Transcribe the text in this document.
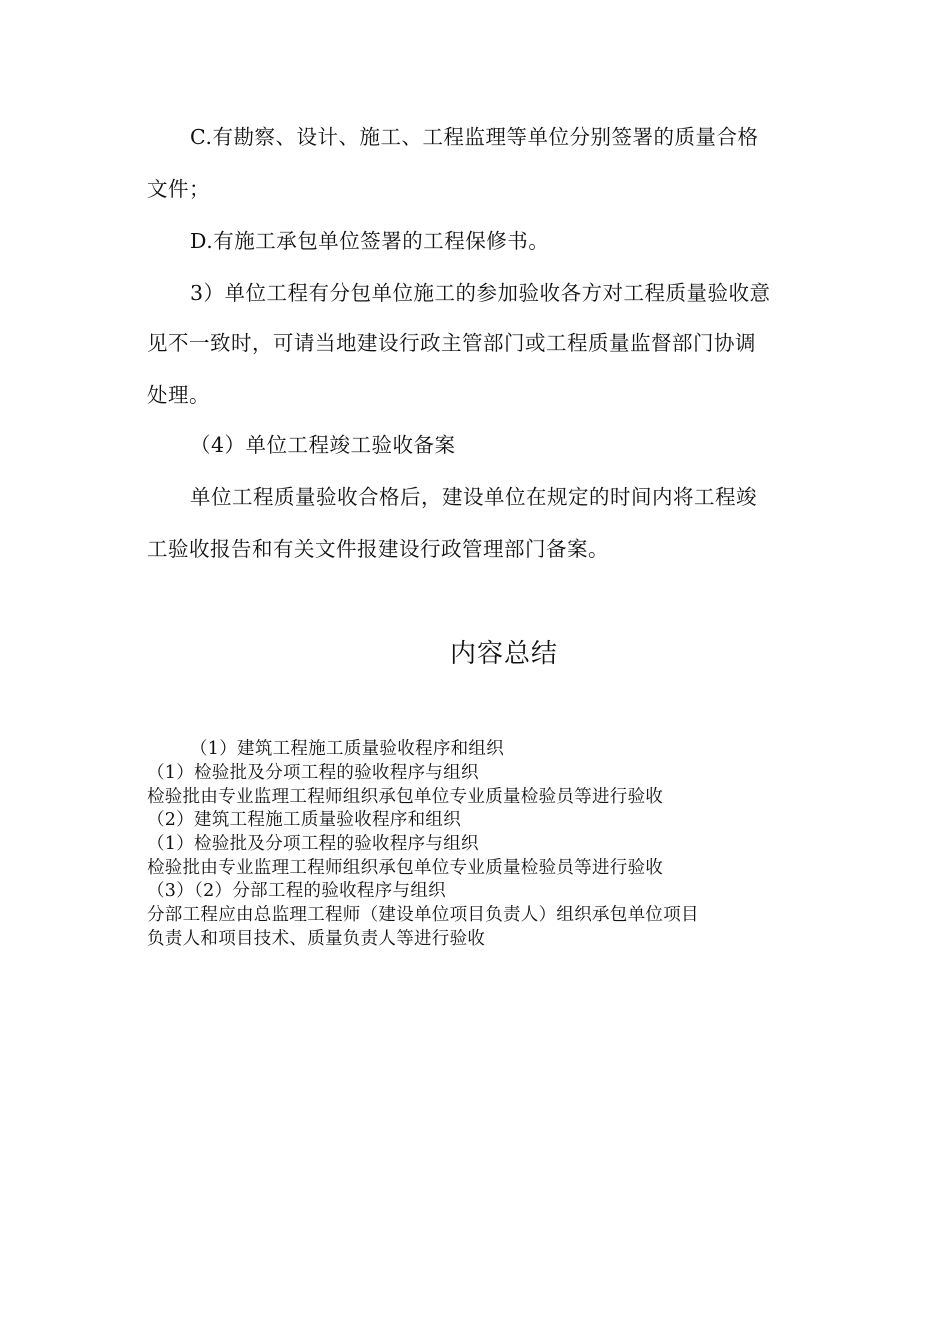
C.有勘察、设计、施工、工程监理等单位分别签署的质量合格
文件；
D.有施工承包单位签署的工程保修书。
3）单位工程有分包单位施工的参加验收各方对工程质量验收意
见不一致时，可请当地建设行政主管部门或工程质量监督部门协调
处理。
（4）单位工程竣工验收备案
单位工程质量验收合格后，建设单位在规定的时间内将工程竣
工验收报告和有关文件报建设行政管理部门备案。
内容总结
（1）建筑工程施工质量验收程序和组织
（1）检验批及分项工程的验收程序与组织
检验批由专业监理工程师组织承包单位专业质量检验员等进行验收
（2）建筑工程施工质量验收程序和组织
（1）检验批及分项工程的验收程序与组织
检验批由专业监理工程师组织承包单位专业质量检验员等进行验收
（3）（2）分部工程的验收程序与组织
分部工程应由总监理工程师（建设单位项目负责人）组织承包单位项目
负责人和项目技术、质量负责人等进行验收
